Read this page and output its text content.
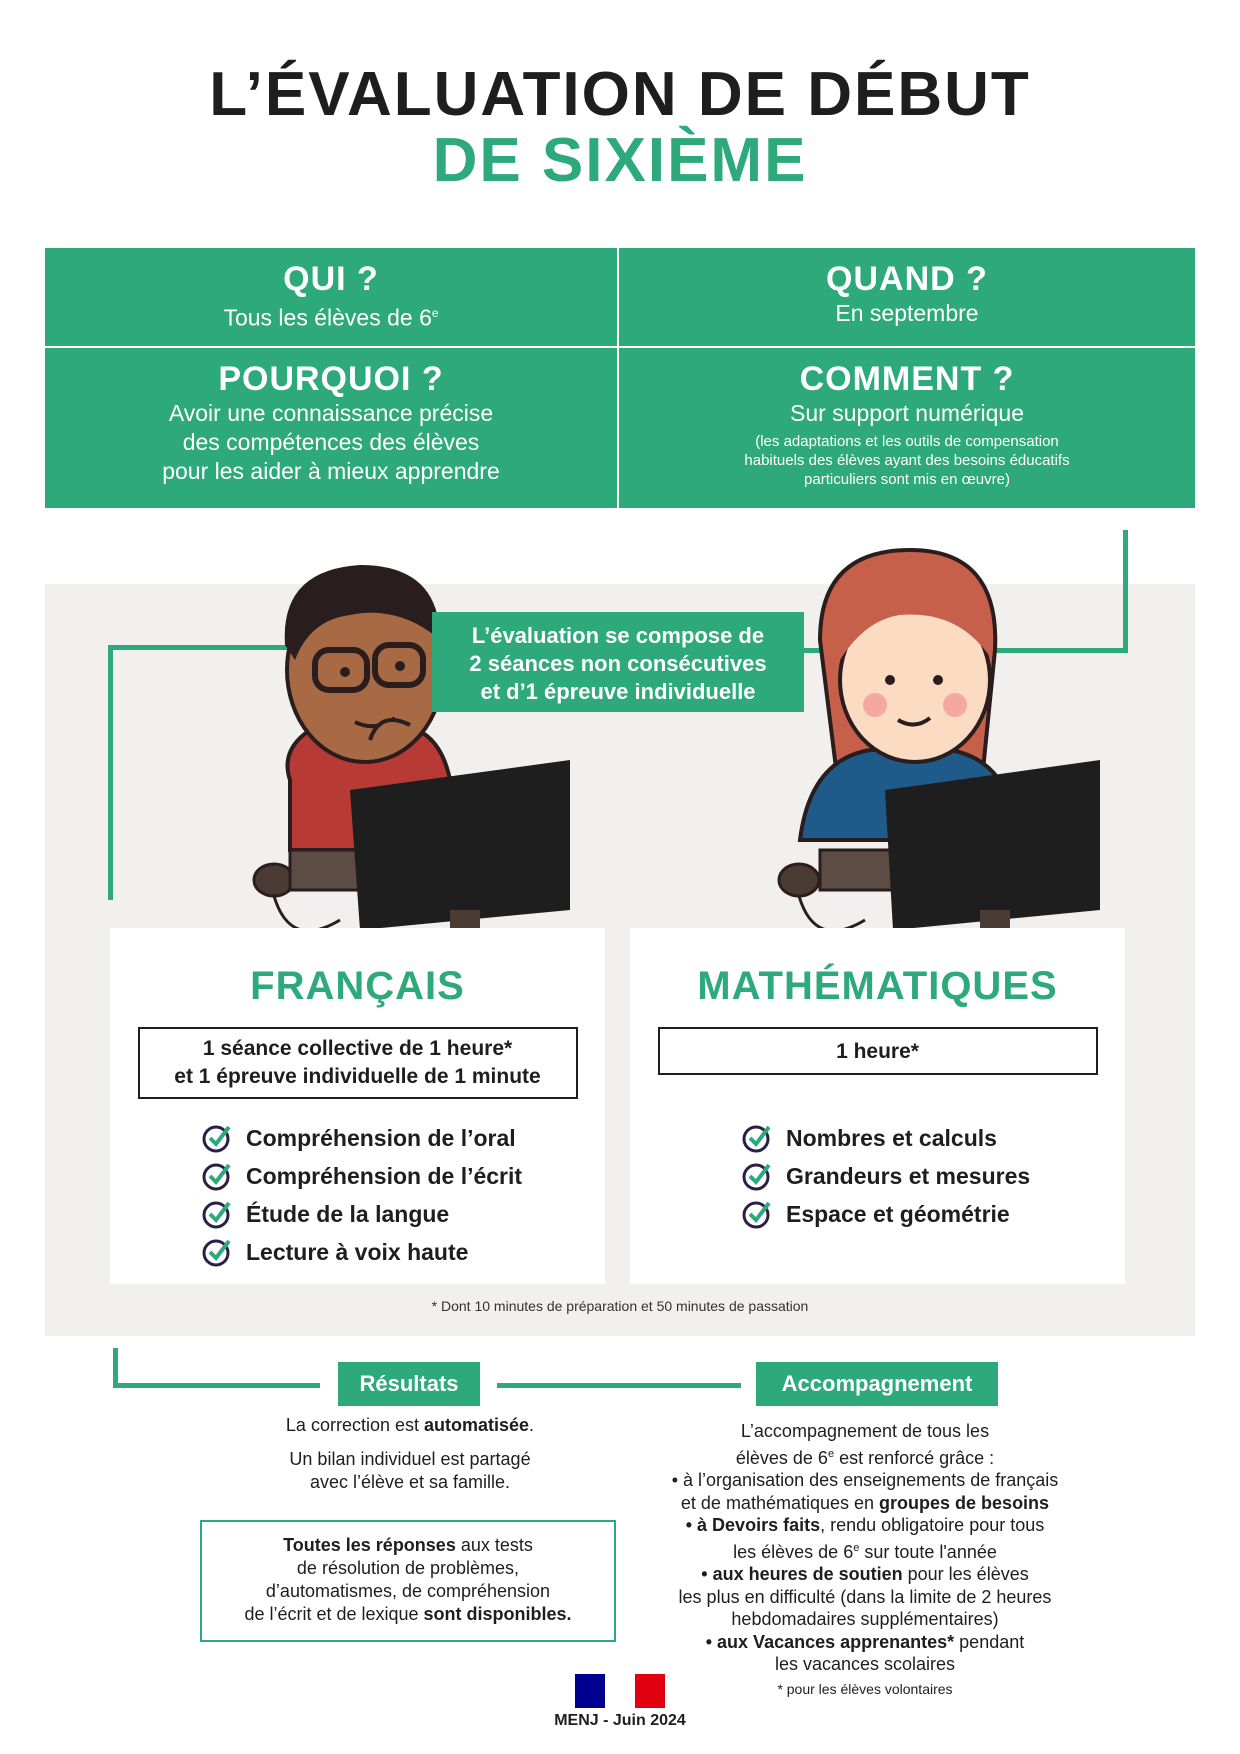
L’ÉVALUATION DE DÉBUT
DE SIXIÈME
QUI ?
Tous les élèves de 6e
QUAND ?
En septembre
POURQUOI ?
Avoir une connaissance précise
des compétences des élèves
pour les aider à mieux apprendre
COMMENT ?
Sur support numérique
(les adaptations et les outils de compensation
habituels des élèves ayant des besoins éducatifs
particuliers sont mis en œuvre)
L’évaluation se compose de
2 séances non consécutives
et d’1 épreuve individuelle
FRANÇAIS
1 séance collective de 1 heure*
et 1 épreuve individuelle de 1 minute
Compréhension de l’oral
Compréhension de l’écrit
Étude de la langue
Lecture à voix haute
MATHÉMATIQUES
1 heure*
Nombres et calculs
Grandeurs et mesures
Espace et géométrie
* Dont 10 minutes de préparation et 50 minutes de passation
Résultats
La correction est automatisée.
Un bilan individuel est partagé
avec l’élève et sa famille.
Toutes les réponses aux tests
de résolution de problèmes,
d’automatismes, de compréhension
de l’écrit et de lexique sont disponibles.
Accompagnement
L’accompagnement de tous les
élèves de 6e est renforcé grâce :
• à l’organisation des enseignements de français
et de mathématiques en groupes de besoins
• à Devoirs faits, rendu obligatoire pour tous
les élèves de 6e sur toute l'année
• aux heures de soutien pour les élèves
les plus en difficulté (dans la limite de 2 heures
hebdomadaires supplémentaires)
• aux Vacances apprenantes* pendant
les vacances scolaires
* pour les élèves volontaires
MENJ - Juin 2024
